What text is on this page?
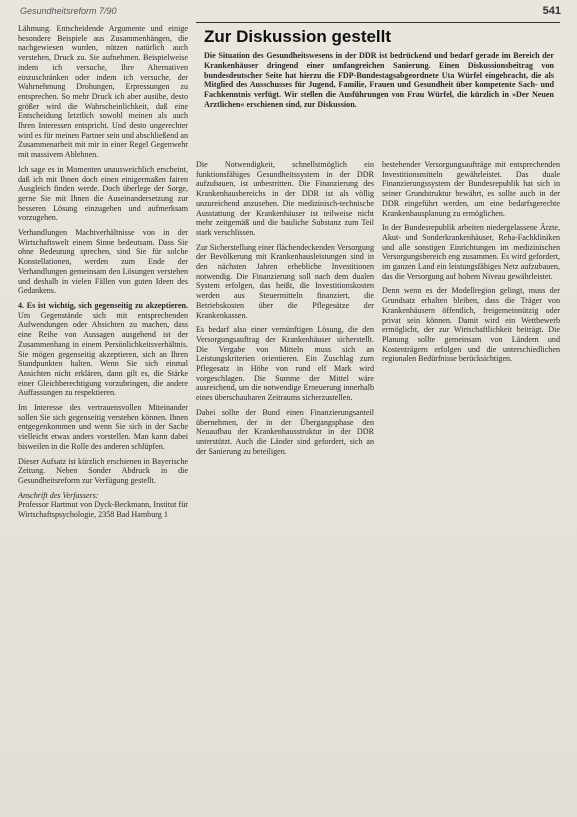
Gesundheitsreform 7/90	541

Lähmung. Entscheidende Argumente und einige besondere Beispiele aus Zusammenhängen, die nachgewiesen wurden, nützen natürlich auch verstehen, Druck zu. Sie aufnehmen. Beispielweise indem ich versuche, Ihre Alternativen einzuschränken oder indem ich versuche, der Wahrnehmung Drohungen, Erpressungen zu entsprechen. So mehr Druck ich aber ausübe, desto größer wird die Wahrscheinlichkeit, daß eine Entscheidung letztlich sowohl meinen als auch Ihren Interessen entspricht. Und desto ungerechter wird es für meinen Partner sein und abschließend an Zusammenarbeit mit mir in einer Regel Gegenwehr mit massivem Ablehnen.

Ich sage es in Momenten unausweichlich erscheint, daß ich mit Ihnen doch einen einigermaßen fairen Ausgleich finden werde. Doch überlege der Sorge, gerne Sie mit Ihnen die Auseinandersetzung zur besseren Lösung einzugehen und aufmerksam vorzugehen.

Verhandlungen Machtverhältnisse von in der Wirtschaftswelt einem Sinne bedeutsam. Dass Sie ohne Bedeutung sprechen, sind Sie für solche Konstellationen, werden zum Ende der Verhandlungen gemeinsam den Lösungen verstehen und deshalb in vielen Fällen von guten Ideen des Gedankens.

4. Es ist wichtig, sich gegenseitig zu akzeptieren. Um Gegenstände sich mit entsprechenden Aufwendungen oder Absichten zu machen, dass eine Reihe von Aussagen ausgehend ist der Zusammenhang in einem Persönlichkeitsverhältnis. Sie mögen gegenseitig akzeptieren, sich an Ihren Standpunkten halten. Wenn Sie sich einmal Ansichten nicht erklären, dann gilt es, die Stärke einer Gleichberechtigung vorzubringen, die andere Auffassungen zu respektieren.

Im Interesse des vertrauensvollen Miteinander sollen Sie sich gegenseitig verstehen können. Ihnen entgegenkommen und wenn Sie sich in der Sache vielleicht etwas anders vorstellen. Man kann dabei bisweilen in die Rolle des anderen schlüpfen.

Dieser Aufsatz ist kürzlich erschienen in Bayerische Zeitung. Neben Sonder Abdruck in die Gesundheitsreform zur Verfügung gestellt.

Anschrift des Verfassers:
Professor Hartmut von Dyck-Beckmann, Institut für Wirtschaftspsychologie, 2358 Bad Hamburg 1

Zur Diskussion gestellt

Die Situation des Gesundheitswesens in der DDR ist bedrückend und bedarf gerade im Bereich der Krankenhäuser dringend einer umfangreichen Sanierung. Einen Diskussionsbeitrag von bundesdeutscher Seite hat hierzu die FDP-Bundestagsabgeordnete Uta Würfel eingebracht, die als Mitglied des Ausschusses für Jugend, Familie, Frauen und Gesundheit über kompetente Sach- und Fachkenntnis verfügt. Wir stellen die Ausführungen von Frau Würfel, die kürzlich in »Der Neuen Arztlichen« erschienen sind, zur Diskussion.

Die Notwendigkeit, schnellstmöglich ein funktionsfähiges Gesundheitssystem in der DDR aufzubauen, ist unbestritten. Die Finanzierung des Krankenhausbereichs in der DDR ist als völlig unzureichend anzusehen. Die medizinisch-technische Ausstattung der Krankenhäuser ist teilweise nicht mehr zeitgemäß und die bauliche Substanz zum Teil stark verschlissen.

Zur Sicherstellung einer flächendeckenden Versorgung der Bevölkerung mit Krankenhausleistungen sind in den nächsten Jahren erhebliche Investitionen notwendig. Die Finanzierung soll nach dem dualen System erfolgen, das heißt, die Investitionskosten werden aus Steuermitteln finanziert, die Betriebskosten über die Pflegesätze der Krankenkassen.

Es bedarf also einer vernünftigen Lösung, die den Versorgungsauftrag der Krankenhäuser sicherstellt. Die Vergabe von Mitteln muss sich an Leistungskriterien orientieren. Ein Zuschlag zum Pflegesatz in Höhe von rund elf Mark wird vorgeschlagen. Die Summe der Mittel wäre ausreichend, um die notwendige Erneuerung innerhalb eines überschaubaren Zeitraums sicherzustellen.

Dabei sollte der Bund einen Finanzierungsanteil übernehmen, der in der Übergangsphase den Neuaufbau der Krankenhausstruktur in der DDR unterstützt. Auch die Länder sind gefordert, sich an der Sanierung zu beteiligen.

bestehender Versorgungsaufträge mit entsprechenden Investitionsmitteln gewährleistet. Das duale Finanzierungssystem der Bundesrepublik hat sich in seiner Grundstruktur bewährt, es sollte auch in der DDR eingeführt werden, um eine bedarfsgerechte Krankenhausplanung zu ermöglichen.

In der Bundesrepublik arbeiten niedergelassene Ärzte, Akut- und Sonderkrankenhäuser, Reha-Fachkliniken und alle sonstigen Einrichtungen im medizinischen Versorgungsbereich eng zusammen. Es wird gefordert, im ganzen Land ein leistungsfähiges Netz aufzubauen, das die Versorgung auf hohem Niveau gewährleistet.

Denn wenn es der Modellregion gelingt, muss der Grundsatz erhalten bleiben, dass die Träger von Krankenhäusern öffentlich, freigemeinnützig oder privat sein können. Damit wird ein Wettbewerb ermöglicht, der zur Wirtschaftlichkeit beiträgt. Die Planung sollte gemeinsam von Ländern und Kostenträgern erfolgen und die unterschiedlichen regionalen Bedürfnisse berücksichtigen.
